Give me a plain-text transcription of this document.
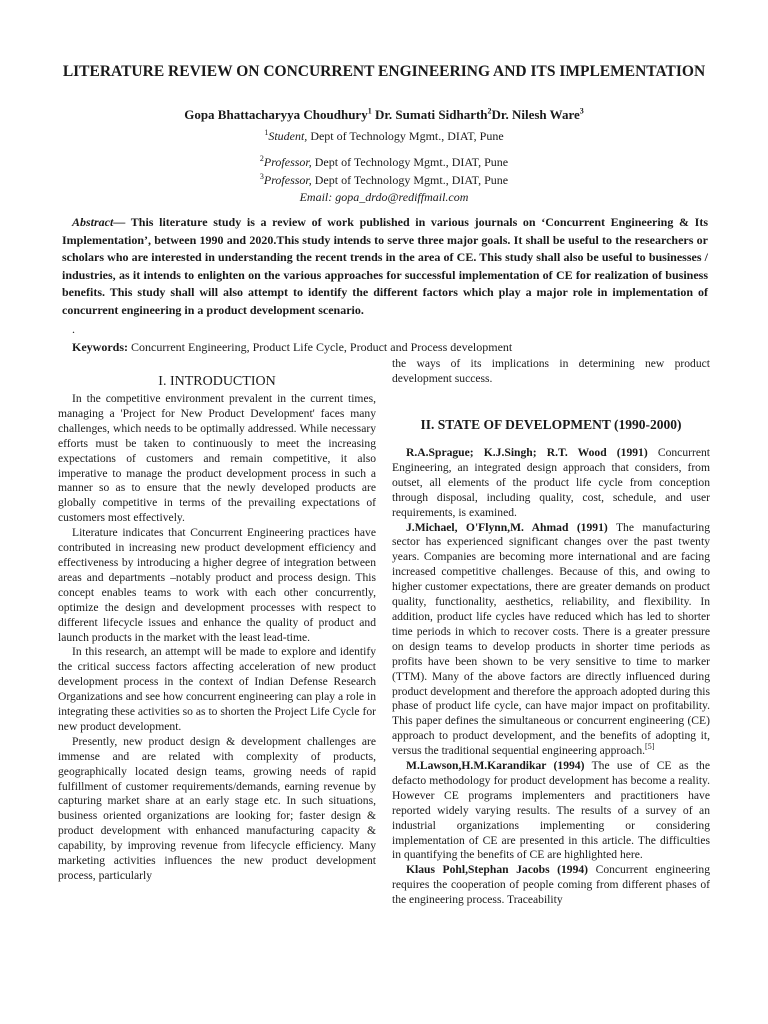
LITERATURE REVIEW ON CONCURRENT ENGINEERING AND ITS IMPLEMENTATION
Gopa Bhattacharyya Choudhury$^1$ Dr. Sumati Sidharth$^2$Dr. Nilesh Ware$^3$
$^1$Student, Dept of Technology Mgmt., DIAT, Pune
$^2$Professor, Dept of Technology Mgmt., DIAT, Pune
$^3$Professor, Dept of Technology Mgmt., DIAT, Pune
Email: gopa_drdo@rediffmail.com
Abstract— This literature study is a review of work published in various journals on ‘Concurrent Engineering & Its Implementation’, between 1990 and 2020.This study intends to serve three major goals. It shall be useful to the researchers or scholars who are interested in understanding the recent trends in the area of CE. This study shall also be useful to businesses / industries, as it intends to enlighten on the various approaches for successful implementation of CE for realization of business benefits. This study shall will also attempt to identify the different factors which play a major role in implementation of concurrent engineering in a product development scenario.
.
Keywords: Concurrent Engineering, Product Life Cycle, Product and Process development
I. INTRODUCTION

In the competitive environment prevalent in the current times, managing a 'Project for New Product Development' faces many challenges, which needs to be optimally addressed. While necessary efforts must be taken to continuously to meet the increasing expectations of customers and remain competitive, it also imperative to manage the product development process in such a manner so as to ensure that the newly developed products are globally competitive in terms of the prevailing expectations of customers most effectively.

Literature indicates that Concurrent Engineering practices have contributed in increasing new product development efficiency and effectiveness by introducing a higher degree of integration between areas and departments –notably product and process design. This concept enables teams to work with each other concurrently, optimize the design and development processes with respect to different lifecycle issues and enhance the quality of product and launch products in the market with the least lead-time.

In this research, an attempt will be made to explore and identify the critical success factors affecting acceleration of new product development process in the context of Indian Defense Research Organizations and see how concurrent engineering can play a role in integrating these activities so as to shorten the Project Life Cycle for new product development.

Presently, new product design & development challenges are immense and are related with complexity of products, geographically located design teams, growing needs of rapid fulfillment of customer requirements/demands, earning revenue by capturing market share at an early stage etc. In such situations, business oriented organizations are looking for; faster design & product development with enhanced manufacturing capacity & capability, by improving revenue from lifecycle efficiency. Many marketing activities influences the new product development process, particularly

the ways of its implications in determining new product development success.

II. STATE OF DEVELOPMENT (1990-2000)

R.A.Sprague; K.J.Singh; R.T. Wood (1991) Concurrent Engineering, an integrated design approach that considers, from outset, all elements of the product life cycle from conception through disposal, including quality, cost, schedule, and user requirements, is examined.

J.Michael, O'Flynn,M. Ahmad (1991) The manufacturing sector has experienced significant changes over the past twenty years. Companies are becoming more international and are facing increased competitive challenges. Because of this, and owing to higher customer expectations, there are greater demands on product quality, functionality, aesthetics, reliability, and flexibility. In addition, product life cycles have reduced which has led to shorter time periods in which to recover costs. There is a greater pressure on design teams to develop products in shorter time periods as profits have been shown to be very sensitive to time to marker (TTM). Many of the above factors are directly influenced during product development and therefore the approach adopted during this phase of product life cycle, can have major impact on profitability. This paper defines the simultaneous or concurrent engineering (CE) approach to product development, and the benefits of adopting it, versus the traditional sequential engineering approach.[5]

M.Lawson,H.M.Karandikar (1994) The use of CE as the defacto methodology for product development has become a reality. However CE programs implementers and practitioners have reported widely varying results. The results of a survey of an industrial organizations implementing or considering implementation of CE are presented in this article. The difficulties in quantifying the benefits of CE are highlighted here.

Klaus Pohl,Stephan Jacobs (1994) Concurrent engineering requires the cooperation of people coming from different phases of the engineering process. Traceability
